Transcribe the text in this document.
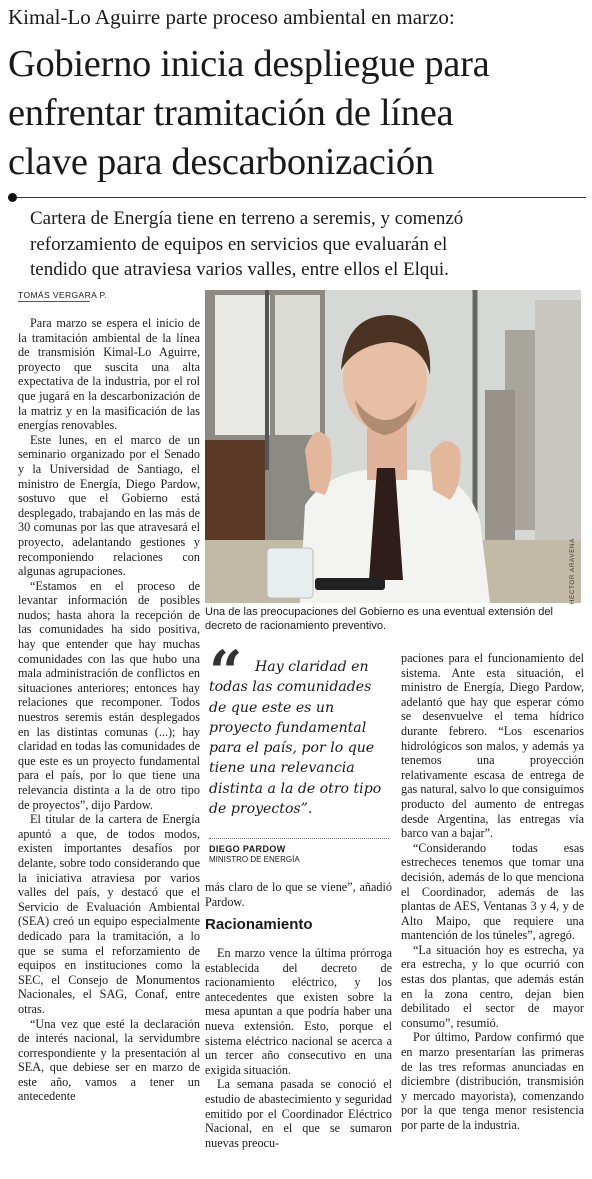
Kimal-Lo Aguirre parte proceso ambiental en marzo:
Gobierno inicia despliegue para
enfrentar tramitación de línea
clave para descarbonización
Cartera de Energía tiene en terreno a seremis, y comenzó
reforzamiento de equipos en servicios que evaluarán el
tendido que atraviesa varios valles, entre ellos el Elqui.
TOMÁS VERGARA P.

Para marzo se espera el inicio de la tramitación ambiental de la línea de transmisión Kimal-Lo Aguirre, proyecto que suscita una alta expectativa de la industria, por el rol que jugará en la descarbonización de la matriz y en la masificación de las energías renovables.

Este lunes, en el marco de un seminario organizado por el Senado y la Universidad de Santiago, el ministro de Energía, Diego Pardow, sostuvo que el Gobierno está desplegado, trabajando en las más de 30 comunas por las que atravesará el proyecto, adelantando gestiones y recomponiendo relaciones con algunas agrupaciones.

“Estamos en el proceso de levantar información de posibles nudos; hasta ahora la recepción de las comunidades ha sido positiva, hay que entender que hay muchas comunidades con las que hubo una mala administración de conflictos en situaciones anteriores; entonces hay relaciones que recomponer. Todos nuestros seremis están desplegados en las distintas comunas (...); hay claridad en todas las comunidades de que este es un proyecto fundamental para el país, por lo que tiene una relevancia distinta a la de otro tipo de proyectos”, dijo Pardow.

El titular de la cartera de Energía apuntó a que, de todos modos, existen importantes desafíos por delante, sobre todo considerando que la iniciativa atraviesa por varios valles del país, y destacó que el Servicio de Evaluación Ambiental (SEA) creó un equipo especialmente dedicado para la tramitación, a lo que se suma el reforzamiento de equipos en instituciones como la SEC, el Consejo de Monumentos Nacionales, el SAG, Conaf, entre otras.

“Una vez que esté la declaración de interés nacional, la servidumbre correspondiente y la presentación al SEA, que debiese ser en marzo de este año, vamos a tener un antecedente

HÉCTOR ARAVENA
Una de las preocupaciones del Gobierno es una eventual extensión del decreto de racionamiento preventivo.
“ Hay claridad en todas las comunidades de que este es un proyecto fundamental para el país, por lo que tiene una relevancia distinta a la de otro tipo de proyectos”.
DIEGO PARDOW
MINISTRO DE ENERGÍA

más claro de lo que se viene”, añadió Pardow.

Racionamiento

En marzo vence la última prórroga establecida del decreto de racionamiento eléctrico, y los antecedentes que existen sobre la mesa apuntan a que podría haber una nueva extensión. Esto, porque el sistema eléctrico nacional se acerca a un tercer año consecutivo en una exigida situación.

La semana pasada se conoció el estudio de abastecimiento y seguridad emitido por el Coordinador Eléctrico Nacional, en el que se sumaron nuevas preocu-

paciones para el funcionamiento del sistema. Ante esta situación, el ministro de Energía, Diego Pardow, adelantó que hay que esperar cómo se desenvuelve el tema hídrico durante febrero. “Los escenarios hidrológicos son malos, y además ya tenemos una proyección relativamente escasa de entrega de gas natural, salvo lo que consiguimos producto del aumento de entregas desde Argentina, las entregas vía barco van a bajar”.

“Considerando todas esas estrecheces tenemos que tomar una decisión, además de lo que menciona el Coordinador, además de las plantas de AES, Ventanas 3 y 4, y de Alto Maipo, que requiere una mantención de los túneles”, agregó.

“La situación hoy es estrecha, ya era estrecha, y lo que ocurrió con estas dos plantas, que además están en la zona centro, dejan bien debilitado el sector de mayor consumo”, resumió.

Por último, Pardow confirmó que en marzo presentarían las primeras de las tres reformas anunciadas en diciembre (distribución, transmisión y mercado mayorista), comenzando por la que tenga menor resistencia por parte de la industria.
